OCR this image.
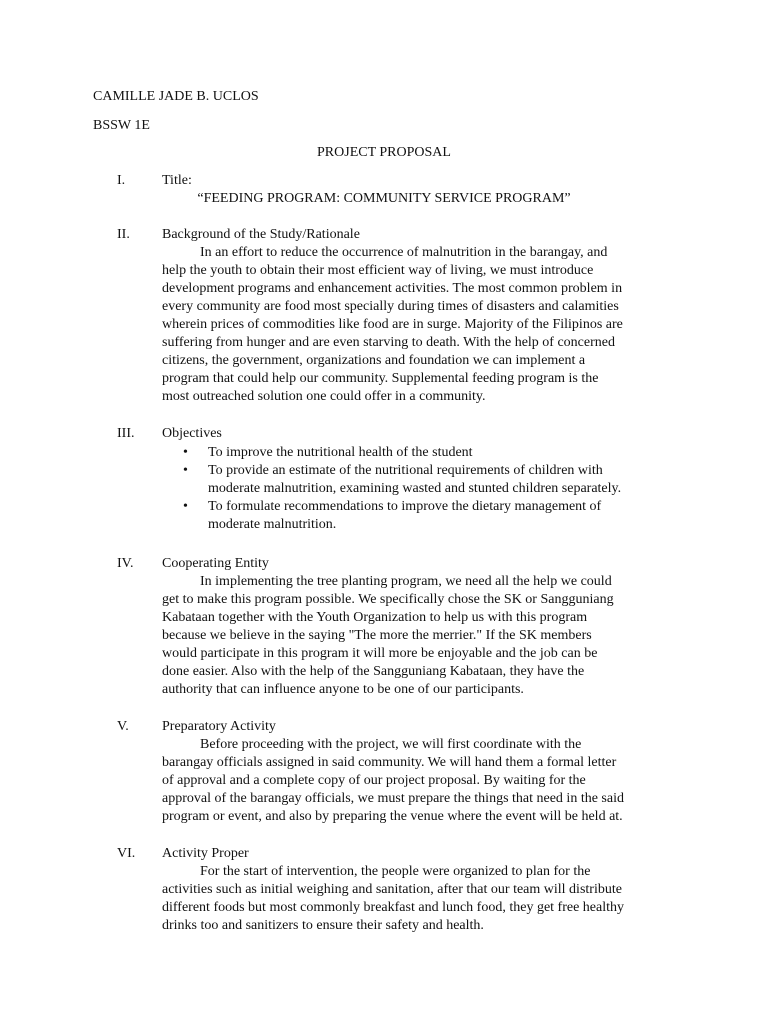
CAMILLE JADE B. UCLOS
BSSW 1E
PROJECT PROPOSAL
I.	Title:
“FEEDING PROGRAM: COMMUNITY SERVICE PROGRAM”
II. Background of the Study/Rationale
In an effort to reduce the occurrence of malnutrition in the barangay, and
help the youth to obtain their most efficient way of living, we must introduce
development programs and enhancement activities. The most common problem in
every community are food most specially during times of disasters and calamities
wherein prices of commodities like food are in surge. Majority of the Filipinos are
suffering from hunger and are even starving to death. With the help of concerned
citizens, the government, organizations and foundation we can implement a
program that could help our community. Supplemental feeding program is the
most outreached solution one could offer in a community.
III. Objectives
• To improve the nutritional health of the student
• To provide an estimate of the nutritional requirements of children with
moderate malnutrition, examining wasted and stunted children separately.
• To formulate recommendations to improve the dietary management of
moderate malnutrition.
IV. Cooperating Entity
In implementing the tree planting program, we need all the help we could
get to make this program possible. We specifically chose the SK or Sangguniang
Kabataan together with the Youth Organization to help us with this program
because we believe in the saying "The more the merrier." If the SK members
would participate in this program it will more be enjoyable and the job can be
done easier. Also with the help of the Sangguniang Kabataan, they have the
authority that can influence anyone to be one of our participants.
V. Preparatory Activity
Before proceeding with the project, we will first coordinate with the
barangay officials assigned in said community. We will hand them a formal letter
of approval and a complete copy of our project proposal. By waiting for the
approval of the barangay officials, we must prepare the things that need in the said
program or event, and also by preparing the venue where the event will be held at.
VI. Activity Proper
For the start of intervention, the people were organized to plan for the
activities such as initial weighing and sanitation, after that our team will distribute
different foods but most commonly breakfast and lunch food, they get free healthy
drinks too and sanitizers to ensure their safety and health.
